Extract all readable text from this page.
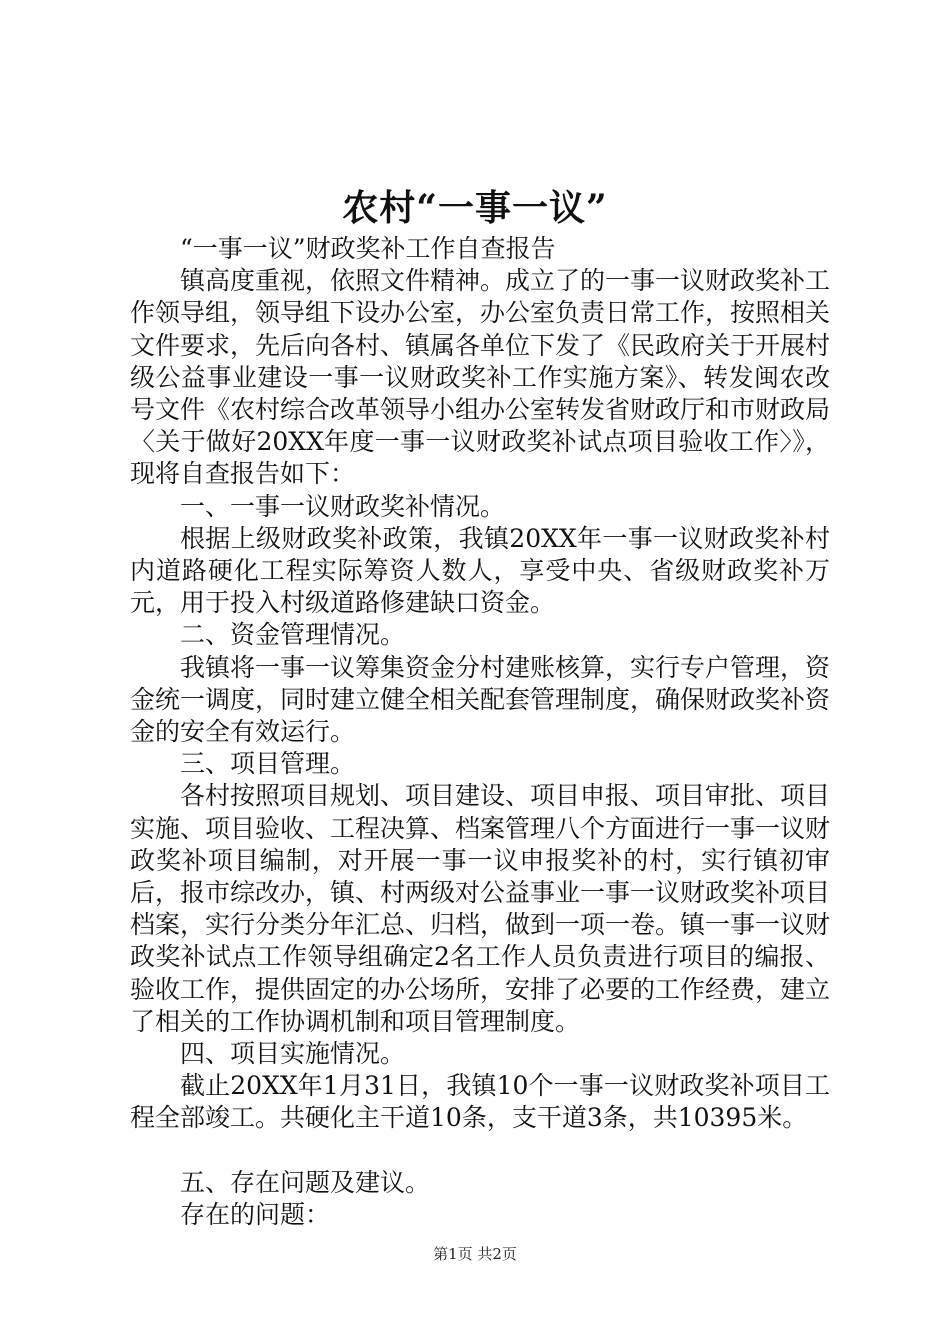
农村“一事一议”

“一事一议”财政奖补工作自查报告

镇高度重视，依照文件精神。成立了的一事一议财政奖补工作领导组，领导组下设办公室，办公室负责日常工作，按照相关文件要求，先后向各村、镇属各单位下发了《民政府关于开展村级公益事业建设一事一议财政奖补工作实施方案》、转发闽农改号文件《农村综合改革领导小组办公室转发省财政厅和市财政局〈关于做好20XX年度一事一议财政奖补试点项目验收工作〉》，现将自查报告如下：

一、一事一议财政奖补情况。

根据上级财政奖补政策，我镇20XX年一事一议财政奖补村内道路硬化工程实际筹资人数人，享受中央、省级财政奖补万元，用于投入村级道路修建缺口资金。

二、资金管理情况。

我镇将一事一议筹集资金分村建账核算，实行专户管理，资金统一调度，同时建立健全相关配套管理制度，确保财政奖补资金的安全有效运行。

三、项目管理。

各村按照项目规划、项目建设、项目申报、项目审批、项目实施、项目验收、工程决算、档案管理八个方面进行一事一议财政奖补项目编制，对开展一事一议申报奖补的村，实行镇初审后，报市综改办，镇、村两级对公益事业一事一议财政奖补项目档案，实行分类分年汇总、归档，做到一项一卷。镇一事一议财政奖补试点工作领导组确定2名工作人员负责进行项目的编报、验收工作，提供固定的办公场所，安排了必要的工作经费，建立了相关的工作协调机制和项目管理制度。

四、项目实施情况。

截止20XX年1月31日，我镇10个一事一议财政奖补项目工程全部竣工。共硬化主干道10条，支干道3条，共10395米。

五、存在问题及建议。

存在的问题：

第1页 共2页
